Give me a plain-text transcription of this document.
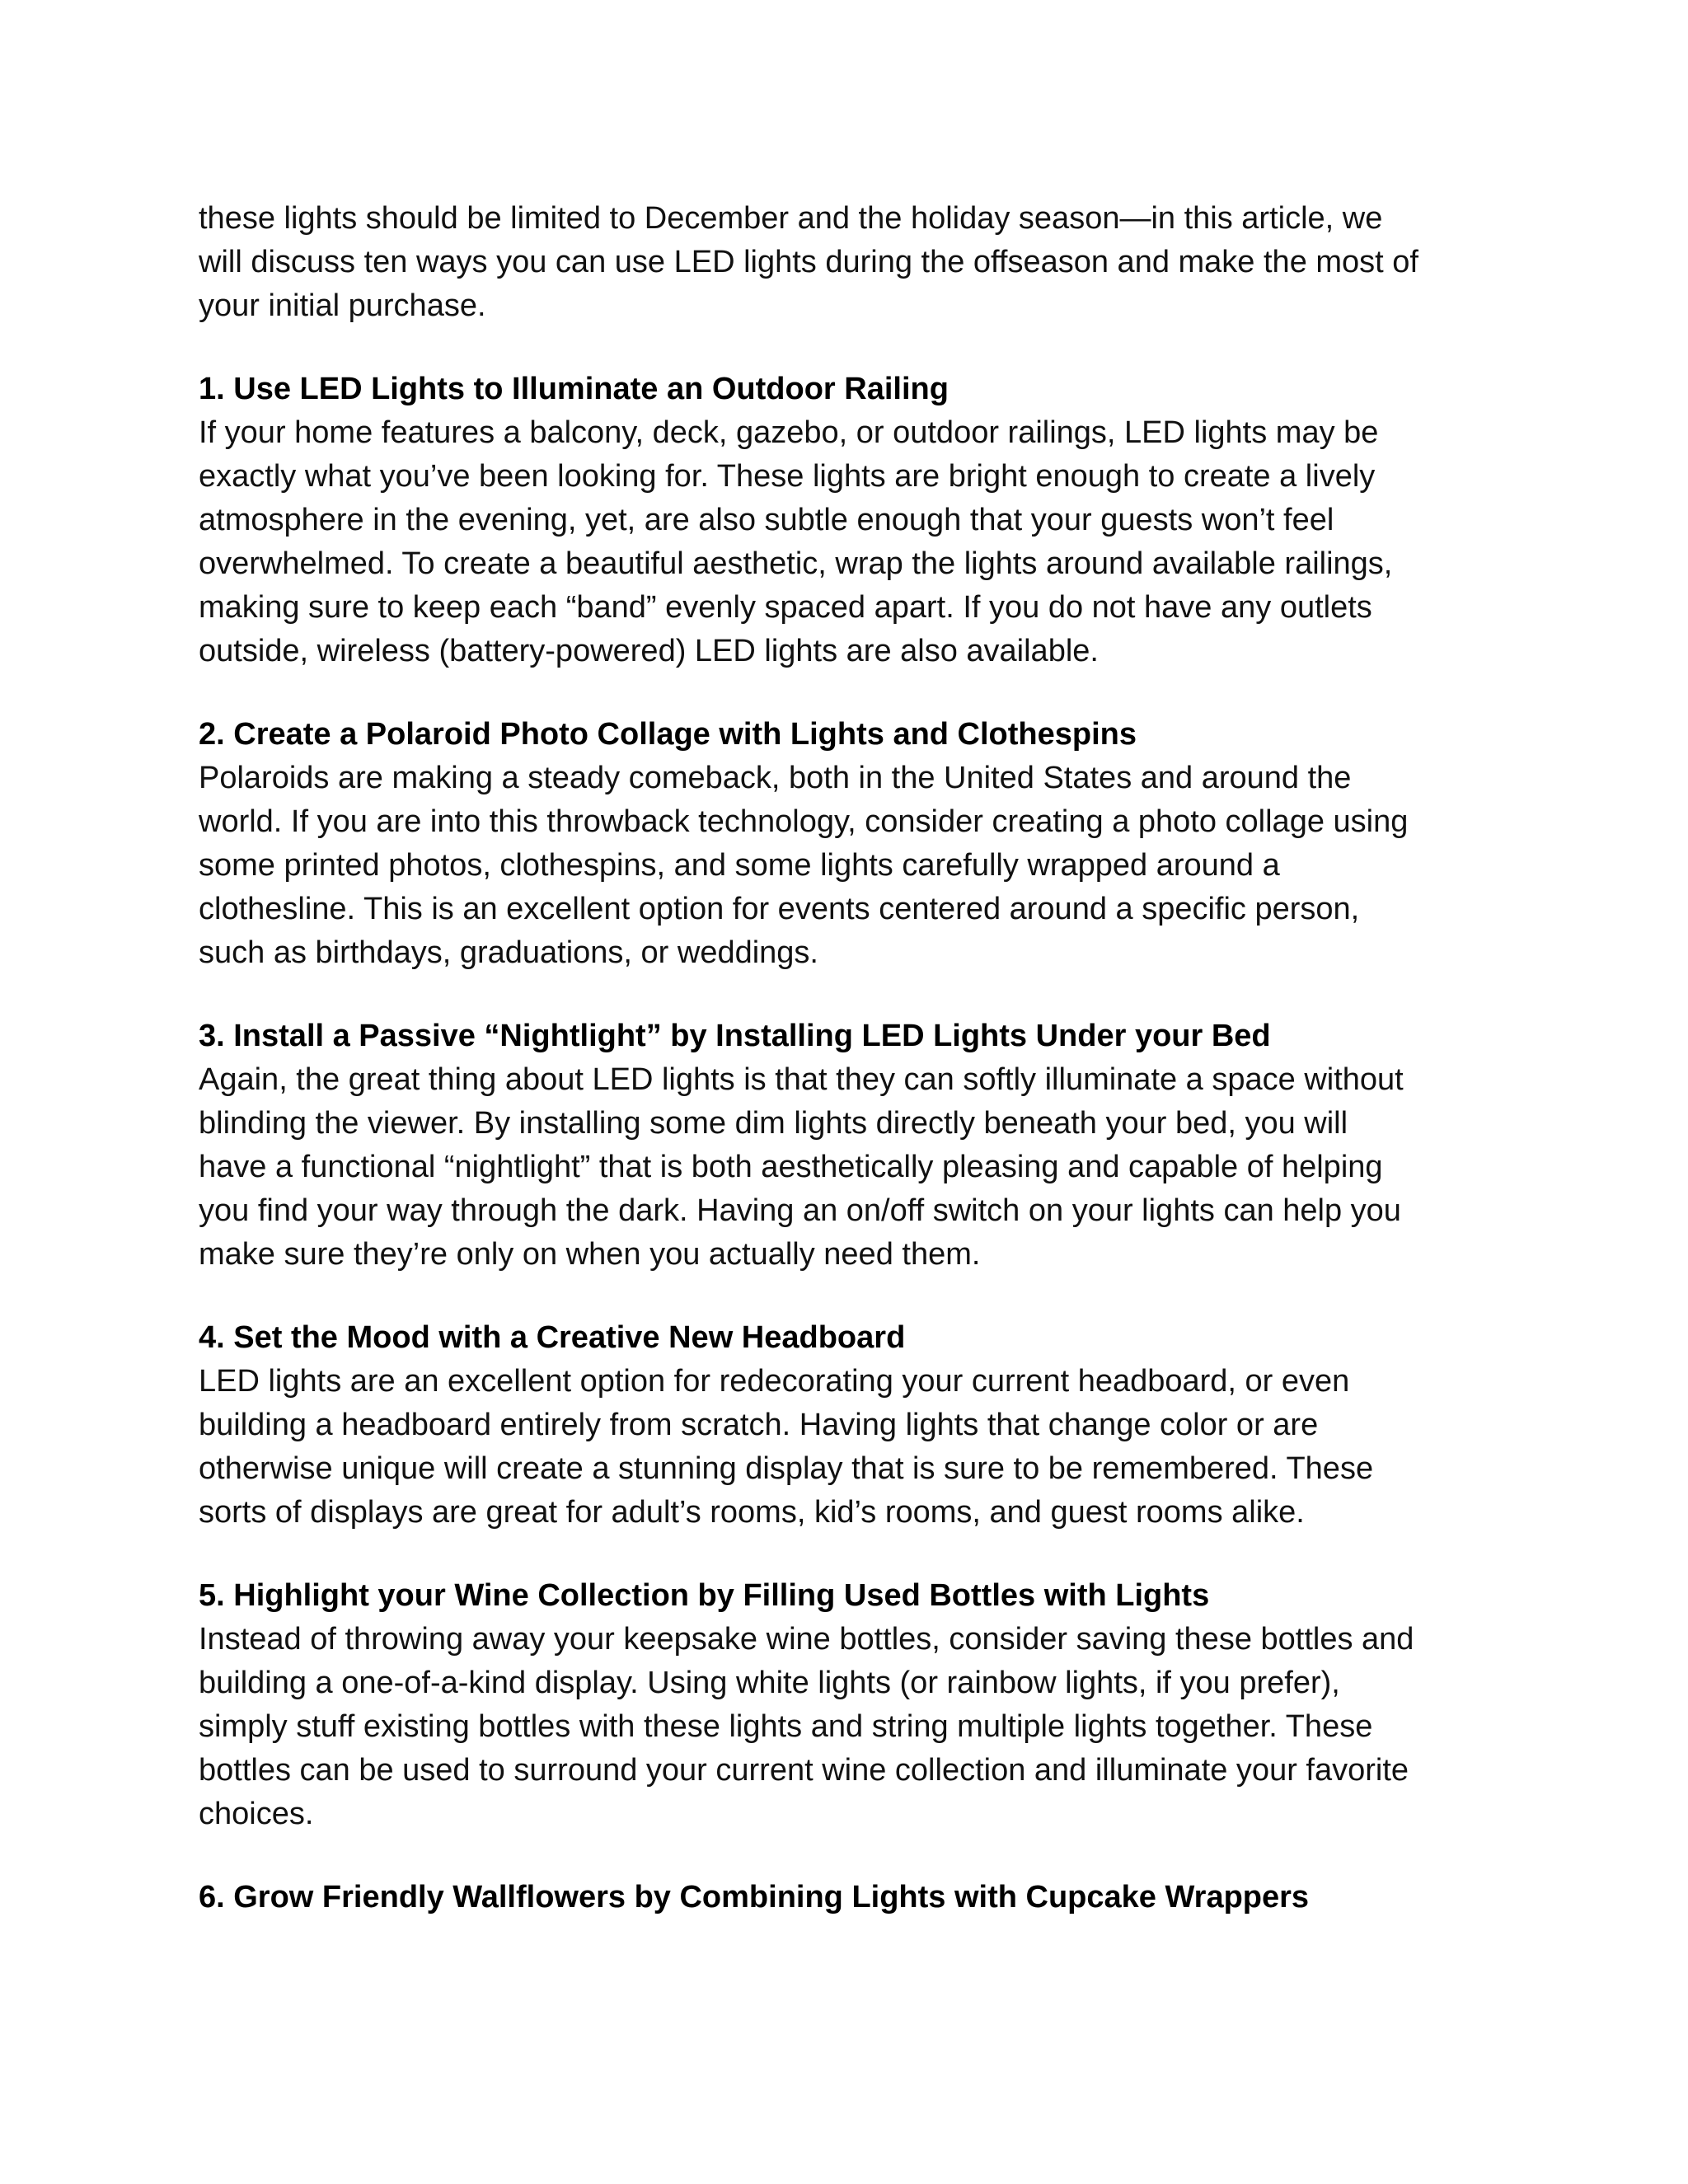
these lights should be limited to December and the holiday season—in this article, we
will discuss ten ways you can use LED lights during the offseason and make the most of
your initial purchase.

1. Use LED Lights to Illuminate an Outdoor Railing

If your home features a balcony, deck, gazebo, or outdoor railings, LED lights may be
exactly what you’ve been looking for. These lights are bright enough to create a lively
atmosphere in the evening, yet, are also subtle enough that your guests won’t feel
overwhelmed. To create a beautiful aesthetic, wrap the lights around available railings,
making sure to keep each “band” evenly spaced apart. If you do not have any outlets
outside, wireless (battery-powered) LED lights are also available.

2. Create a Polaroid Photo Collage with Lights and Clothespins

Polaroids are making a steady comeback, both in the United States and around the
world. If you are into this throwback technology, consider creating a photo collage using
some printed photos, clothespins, and some lights carefully wrapped around a
clothesline. This is an excellent option for events centered around a specific person,
such as birthdays, graduations, or weddings.

3. Install a Passive “Nightlight” by Installing LED Lights Under your Bed

Again, the great thing about LED lights is that they can softly illuminate a space without
blinding the viewer. By installing some dim lights directly beneath your bed, you will
have a functional “nightlight” that is both aesthetically pleasing and capable of helping
you find your way through the dark. Having an on/off switch on your lights can help you
make sure they’re only on when you actually need them.

4. Set the Mood with a Creative New Headboard

LED lights are an excellent option for redecorating your current headboard, or even
building a headboard entirely from scratch. Having lights that change color or are
otherwise unique will create a stunning display that is sure to be remembered. These
sorts of displays are great for adult’s rooms, kid’s rooms, and guest rooms alike.

5. Highlight your Wine Collection by Filling Used Bottles with Lights

Instead of throwing away your keepsake wine bottles, consider saving these bottles and
building a one-of-a-kind display. Using white lights (or rainbow lights, if you prefer),
simply stuff existing bottles with these lights and string multiple lights together. These
bottles can be used to surround your current wine collection and illuminate your favorite
choices.

6. Grow Friendly Wallflowers by Combining Lights with Cupcake Wrappers
